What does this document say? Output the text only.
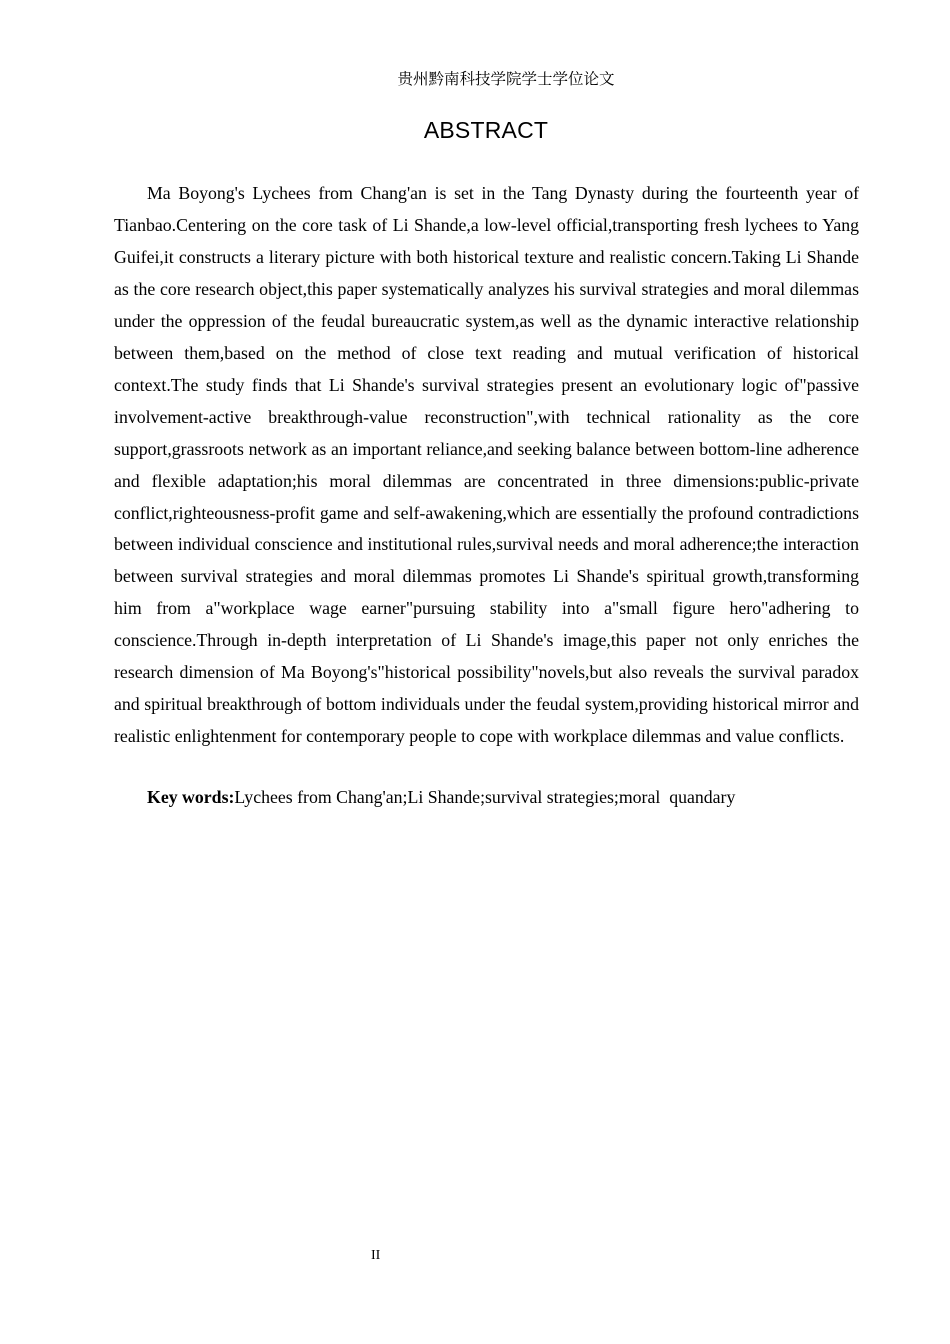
贵州黔南科技学院学士学位论文
ABSTRACT

Ma Boyong's Lychees from Chang'an is set in the Tang Dynasty during the fourteenth year of Tianbao.Centering on the core task of Li Shande,a low-level official,transporting fresh lychees to Yang Guifei,it constructs a literary picture with both historical texture and realistic concern.Taking Li Shande as the core research object,this paper systematically analyzes his survival strategies and moral dilemmas under the oppression of the feudal bureaucratic system,as well as the dynamic interactive relationship between them,based on the method of close text reading and mutual verification of historical context.The study finds that Li Shande's survival strategies present an evolutionary logic of"passive involvement-active breakthrough-value reconstruction",with technical rationality as the core support,grassroots network as an important reliance,and seeking balance between bottom-line adherence and flexible adaptation;his moral dilemmas are concentrated in three dimensions:public-private conflict,righteousness-profit game and self-awakening,which are essentially the profound contradictions between individual conscience and institutional rules,survival needs and moral adherence;the interaction between survival strategies and moral dilemmas promotes Li Shande's spiritual growth,transforming him from a"workplace wage earner"pursuing stability into a"small figure hero"adhering to conscience.Through in-depth interpretation of Li Shande's image,this paper not only enriches the research dimension of Ma Boyong's"historical possibility"novels,but also reveals the survival paradox and spiritual breakthrough of bottom individuals under the feudal system,providing historical mirror and realistic enlightenment for contemporary people to cope with workplace dilemmas and value conflicts.

Key words:Lychees from Chang'an;Li Shande;survival strategies;moral  quandary

II
